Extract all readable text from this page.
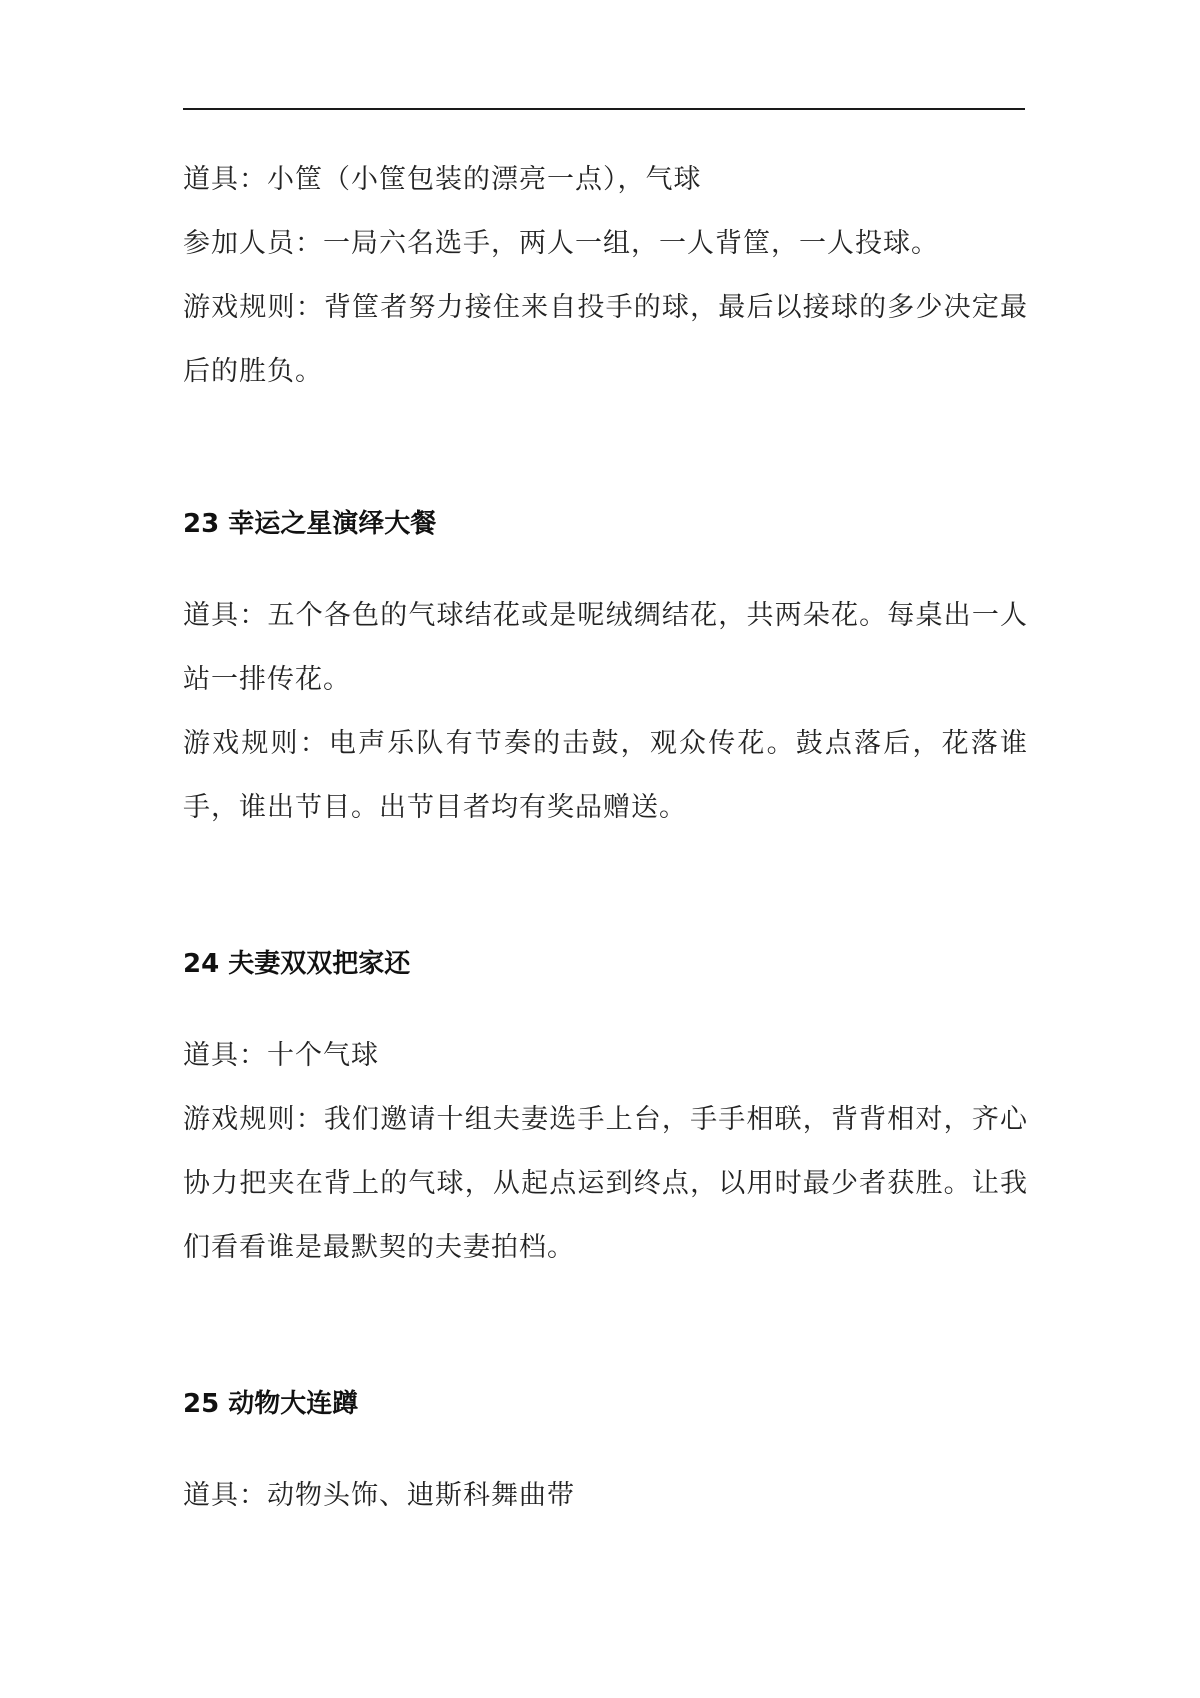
道具：小筐（小筐包装的漂亮一点），气球

参加人员：一局六名选手，两人一组，一人背筐，一人投球。

游戏规则：背筐者努力接住来自投手的球，最后以接球的多少决定最后的胜负。

23 幸运之星演绎大餐

道具：五个各色的气球结花或是呢绒绸结花，共两朵花。每桌出一人站一排传花。

游戏规则：电声乐队有节奏的击鼓，观众传花。鼓点落后，花落谁手，谁出节目。出节目者均有奖品赠送。

24 夫妻双双把家还

道具：十个气球

游戏规则：我们邀请十组夫妻选手上台，手手相联，背背相对，齐心协力把夹在背上的气球，从起点运到终点，以用时最少者获胜。让我们看看谁是最默契的夫妻拍档。

25 动物大连蹲

道具：动物头饰、迪斯科舞曲带
